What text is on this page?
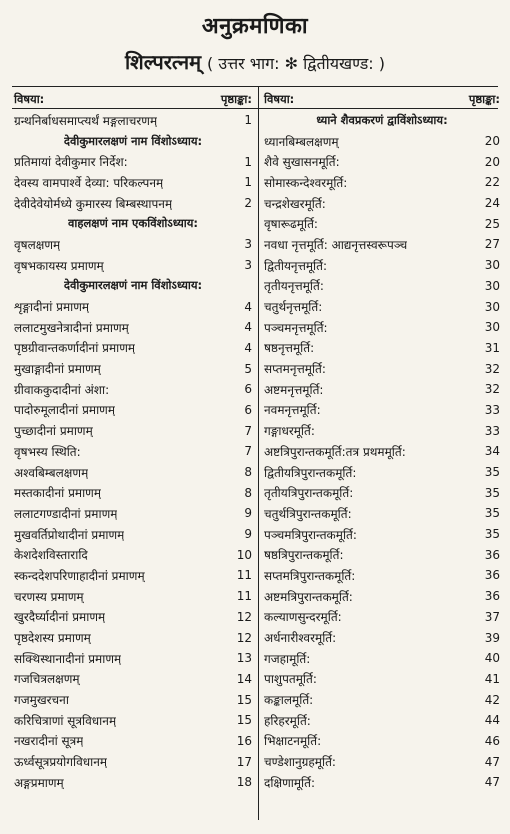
अनुक्रमणिका
शिल्परत्नम् ( उत्तर भाग: ✻ द्वितीयखण्ड: )
विषया:	पृष्ठाङ्का:
ग्रन्थनिर्बाधसमाप्त्यर्थं मङ्गलाचरणम्	1
देवीकुमारलक्षणं नाम विंशोऽध्याय:
प्रतिमायां देवीकुमार निर्देश:	1
देवस्य वामपार्श्वे देव्या: परिकल्पनम्	1
देवीदेवेयोर्मध्ये कुमारस्य बिम्बस्थापनम्	2
वाहलक्षणं नाम एकविंशोऽध्याय:
वृषलक्षणम्	3
वृषभकायस्य प्रमाणम्	3
देवीकुमारलक्षणं नाम विंशोऽध्याय:
शृङ्गादीनां प्रमाणम्	4
ललाटमुखनेत्रादीनां प्रमाणम्	4
पृष्ठग्रीवान्तकर्णादीनां प्रमाणम्	4
मुखाङ्गादीनां प्रमाणम्	5
ग्रीवाककुदादीनां अंशा:	6
पादोरुमूलादीनां प्रमाणम्	6
पुच्छादीनां प्रमाणम्	7
वृषभस्य स्थिति:	7
अश्वबिम्बलक्षणम्	8
मस्तकादीनां प्रमाणम्	8
ललाटगण्डादीनां प्रमाणम्	9
मुखवर्तिप्रोथादीनां प्रमाणम्	9
केशदेशविस्तारादि	10
स्कन्ददेशपरिणाहादीनां प्रमाणम्	11
चरणस्य प्रमाणम्	11
खुरदैर्घ्यादीनां प्रमाणम्	12
पृष्ठदेशस्य प्रमाणम्	12
सक्थिस्थानादीनां प्रमाणम्	13
गजचित्रलक्षणम्	14
गजमुखरचना	15
करिचित्राणां सूत्रविधानम्	15
नखरादीनां सूत्रम्	16
ऊर्ध्वसूत्रप्रयोगविधानम्	17
अङ्गप्रमाणम्	18
विषया:	पृष्ठाङ्का:
ध्याने शैवप्रकरणं द्वाविंशोऽध्याय:
ध्यानबिम्बलक्षणम्	20
शैवे सुखासनमूर्ति:	20
सोमास्कन्देश्वरमूर्ति:	22
चन्द्रशेखरमूर्ति:	24
वृषारूढमूर्ति:	25
नवधा नृत्तमूर्ति: आद्यनृत्तस्वरूपञ्च	27
द्वितीयनृत्तमूर्ति:	30
तृतीयनृत्तमूर्ति:	30
चतुर्थनृत्तमूर्ति:	30
पञ्चमनृत्तमूर्ति:	30
षष्ठनृत्तमूर्ति:	31
सप्तमनृत्तमूर्ति:	32
अष्टमनृत्तमूर्ति:	32
नवमनृत्तमूर्ति:	33
गङ्गाधरमूर्ति:	33
अष्टत्रिपुरान्तकमूर्ति:तत्र प्रथममूर्ति:	34
द्वितीयत्रिपुरान्तकमूर्ति:	35
तृतीयत्रिपुरान्तकमूर्ति:	35
चतुर्थत्रिपुरान्तकमूर्ति:	35
पञ्चमत्रिपुरान्तकमूर्ति:	35
षष्ठत्रिपुरान्तकमूर्ति:	36
सप्तमत्रिपुरान्तकमूर्ति:	36
अष्टमत्रिपुरान्तकमूर्ति:	36
कल्याणसुन्दरमूर्ति:	37
अर्धनारीश्वरमूर्ति:	39
गजहामूर्ति:	40
पाशुपतमूर्ति:	41
कङ्कालमूर्ति:	42
हरिहरमूर्ति:	44
भिक्षाटनमूर्ति:	46
चण्डेशानुग्रहमूर्ति:	47
दक्षिणामूर्ति:	47
